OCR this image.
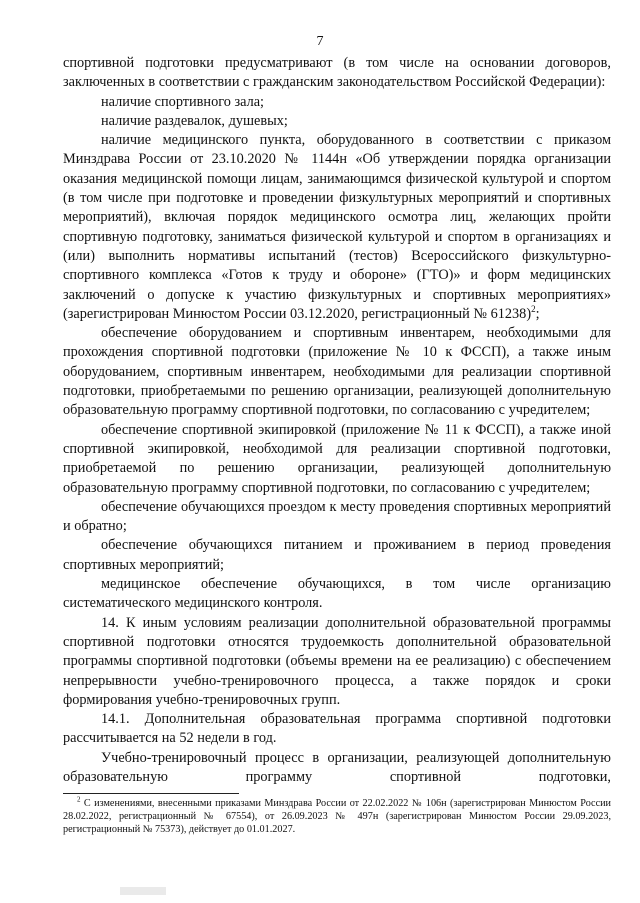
7

спортивной подготовки предусматривают (в том числе на основании договоров, заключенных в соответствии с гражданским законодательством Российской Федерации):

наличие спортивного зала;

наличие раздевалок, душевых;

наличие медицинского пункта, оборудованного в соответствии с приказом Минздрава России от 23.10.2020 № 1144н «Об утверждении порядка организации оказания медицинской помощи лицам, занимающимся физической культурой и спортом (в том числе при подготовке и проведении физкультурных мероприятий и спортивных мероприятий), включая порядок медицинского осмотра лиц, желающих пройти спортивную подготовку, заниматься физической культурой и спортом в организациях и (или) выполнить нормативы испытаний (тестов) Всероссийского физкультурно-спортивного комплекса «Готов к труду и обороне» (ГТО)» и форм медицинских заключений о допуске к участию физкультурных и спортивных мероприятиях» (зарегистрирован Минюстом России 03.12.2020, регистрационный № 61238)$^2$;

обеспечение оборудованием и спортивным инвентарем, необходимыми для прохождения спортивной подготовки (приложение № 10 к ФССП), а также иным оборудованием, спортивным инвентарем, необходимыми для реализации спортивной подготовки, приобретаемыми по решению организации, реализующей дополнительную образовательную программу спортивной подготовки, по согласованию с учредителем;

обеспечение спортивной экипировкой (приложение № 11 к ФССП), а также иной спортивной экипировкой, необходимой для реализации спортивной подготовки, приобретаемой по решению организации, реализующей дополнительную образовательную программу спортивной подготовки, по согласованию с учредителем;

обеспечение обучающихся проездом к месту проведения спортивных мероприятий и обратно;

обеспечение обучающихся питанием и проживанием в период проведения спортивных мероприятий;

медицинское обеспечение обучающихся, в том числе организацию систематического медицинского контроля.

14. К иным условиям реализации дополнительной образовательной программы спортивной подготовки относятся трудоемкость дополнительной образовательной программы спортивной подготовки (объемы времени на ее реализацию) с обеспечением непрерывности учебно-тренировочного процесса, а также порядок и сроки формирования учебно-тренировочных групп.

14.1. Дополнительная образовательная программа спортивной подготовки рассчитывается на 52 недели в год.

Учебно-тренировочный процесс в организации, реализующей дополнительную образовательную программу спортивной подготовки,

$^2$ С изменениями, внесенными приказами Минздрава России от 22.02.2022 № 106н (зарегистрирован Минюстом России 28.02.2022, регистрационный № 67554), от 26.09.2023 № 497н (зарегистрирован Минюстом России 29.09.2023, регистрационный № 75373), действует до 01.01.2027.
